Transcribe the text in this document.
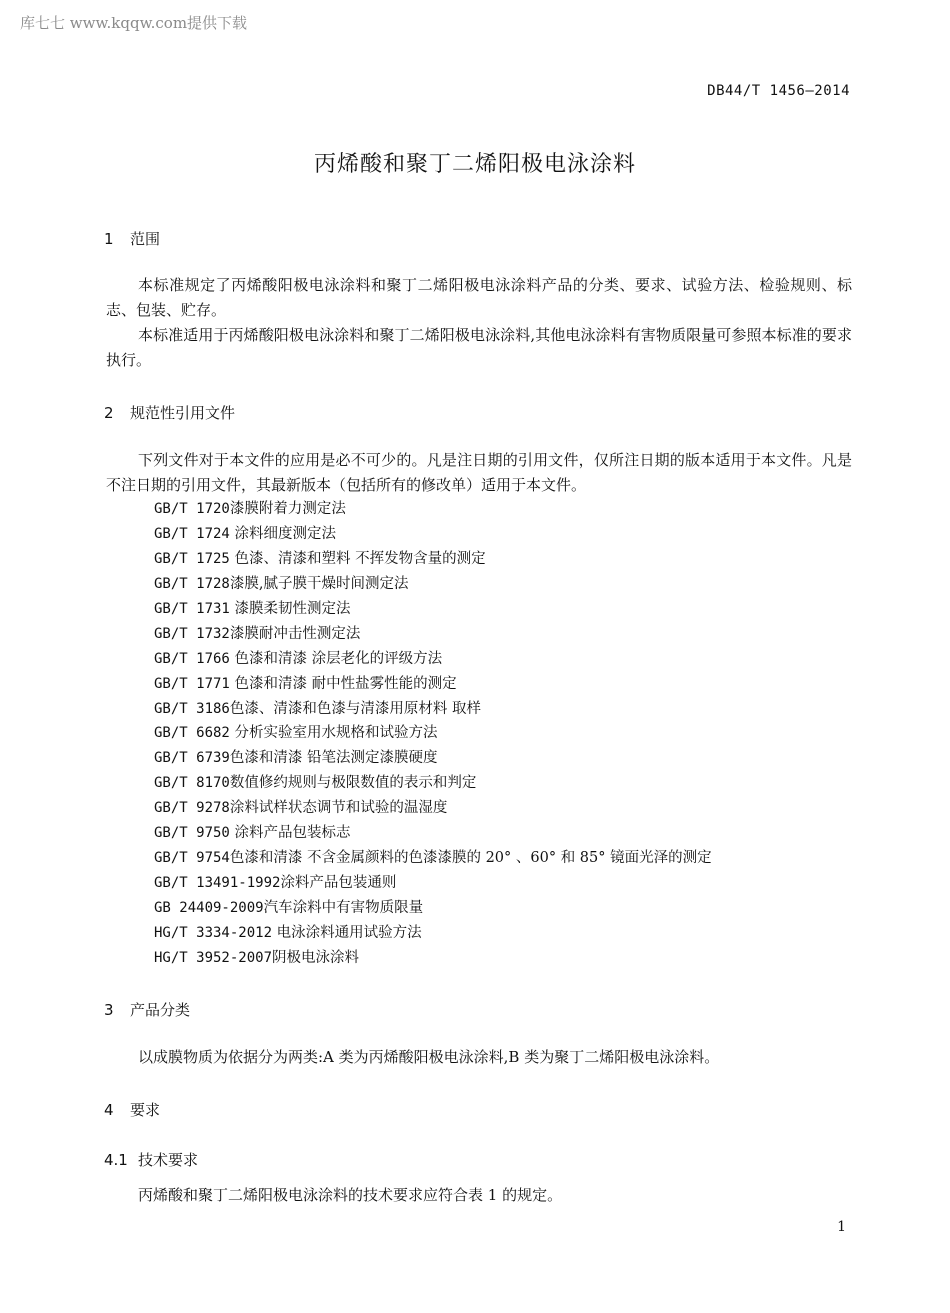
库七七 www.kqqw.com提供下载
DB44/T 1456—2014
丙烯酸和聚丁二烯阳极电泳涂料
1 范围

本标准规定了丙烯酸阳极电泳涂料和聚丁二烯阳极电泳涂料产品的分类、要求、试验方法、检验规则、标志、包装、贮存。

本标准适用于丙烯酸阳极电泳涂料和聚丁二烯阳极电泳涂料,其他电泳涂料有害物质限量可参照本标准的要求执行。

2 规范性引用文件

下列文件对于本文件的应用是必不可少的。凡是注日期的引用文件，仅所注日期的版本适用于本文件。凡是不注日期的引用文件，其最新版本（包括所有的修改单）适用于本文件。

GB/T 1720漆膜附着力测定法
GB/T 1724 涂料细度测定法
GB/T 1725 色漆、清漆和塑料 不挥发物含量的测定
GB/T 1728漆膜,腻子膜干燥时间测定法
GB/T 1731 漆膜柔韧性测定法
GB/T 1732漆膜耐冲击性测定法
GB/T 1766 色漆和清漆 涂层老化的评级方法
GB/T 1771 色漆和清漆 耐中性盐雾性能的测定
GB/T 3186色漆、清漆和色漆与清漆用原材料 取样
GB/T 6682 分析实验室用水规格和试验方法
GB/T 6739色漆和清漆 铅笔法测定漆膜硬度
GB/T 8170数值修约规则与极限数值的表示和判定
GB/T 9278涂料试样状态调节和试验的温湿度
GB/T 9750 涂料产品包装标志
GB/T 9754色漆和清漆 不含金属颜料的色漆漆膜的 20° 、60° 和 85° 镜面光泽的测定
GB/T 13491-1992涂料产品包装通则
GB 24409-2009汽车涂料中有害物质限量
HG/T 3334-2012 电泳涂料通用试验方法
HG/T 3952-2007阴极电泳涂料
3 产品分类

以成膜物质为依据分为两类:A 类为丙烯酸阳极电泳涂料,B 类为聚丁二烯阳极电泳涂料。

4 要求
4.1 技术要求

丙烯酸和聚丁二烯阳极电泳涂料的技术要求应符合表 1 的规定。

1
